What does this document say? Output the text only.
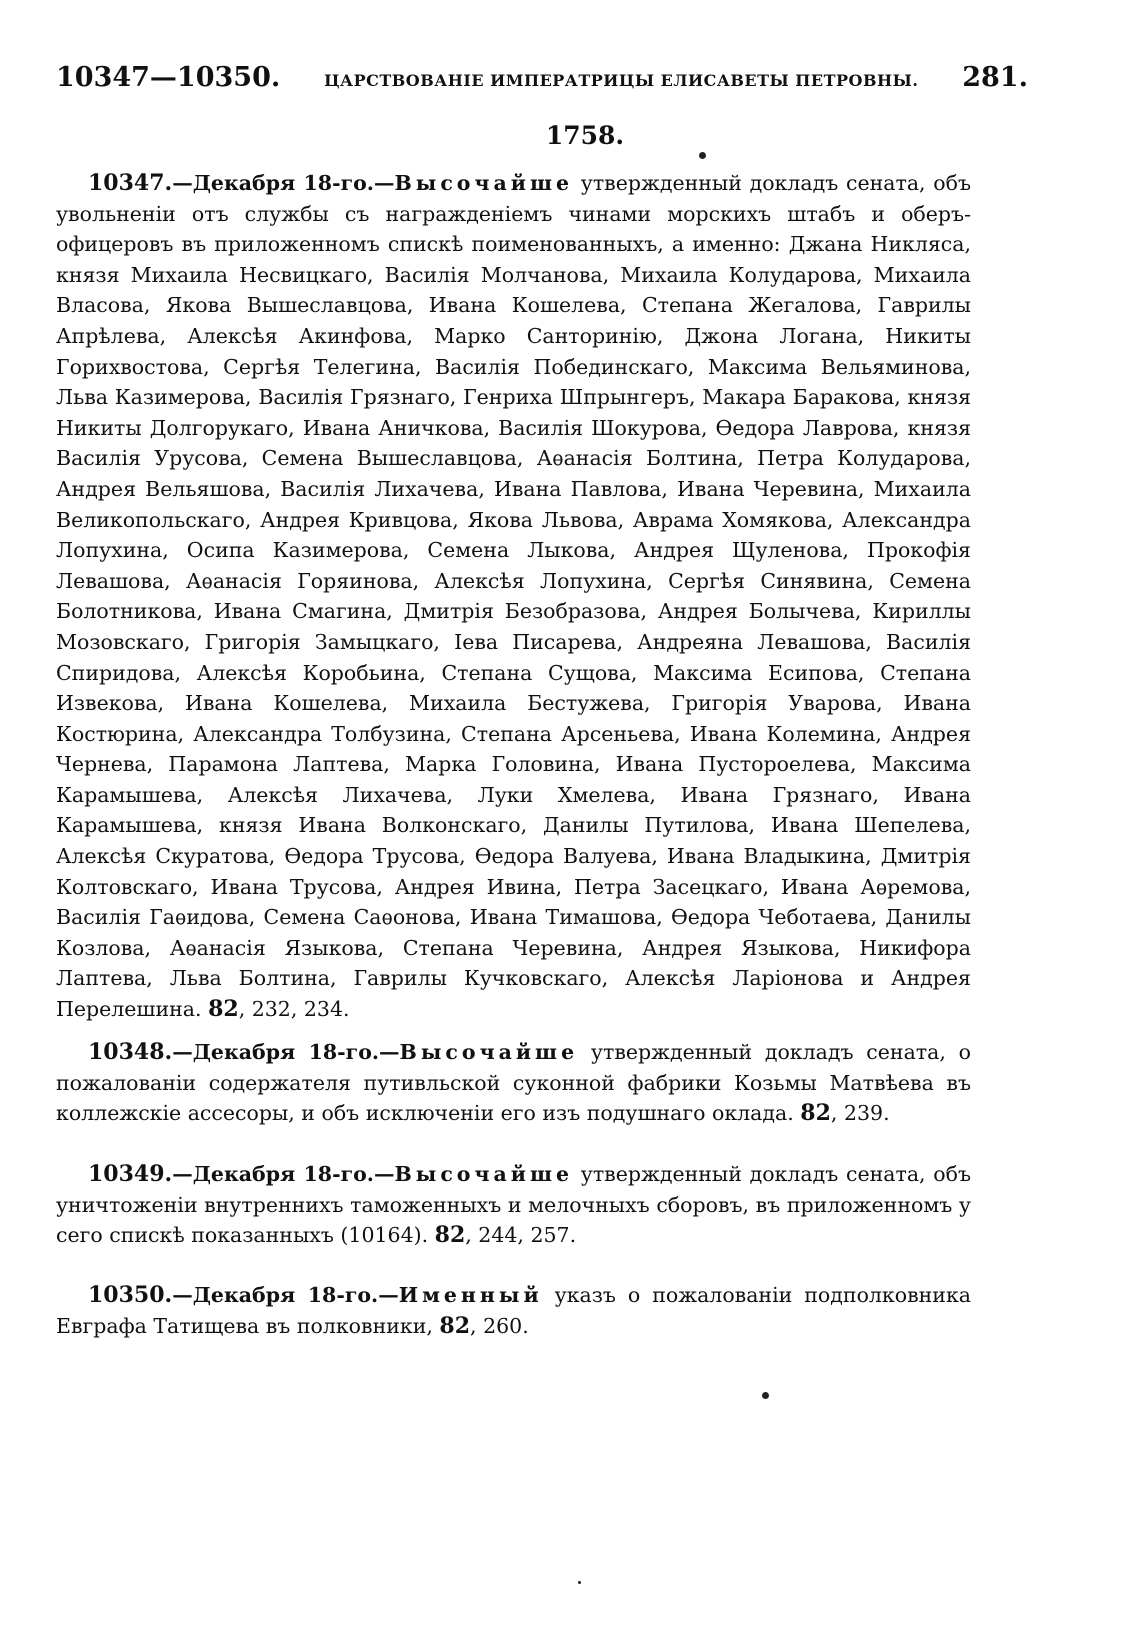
10347—10350.	ЦАРСТВОВАНІЕ ИМПЕРАТРИЦЫ ЕЛИСАВЕТЫ ПЕТРОВНЫ. 281.
1758.

10347.—Декабря 18-го.—Высочайше утвержденный докладъ сената, объ увольненіи отъ службы съ награжденіемъ чинами морскихъ штабъ и оберъ-офицеровъ въ приложенномъ спискѣ поименованныхъ, а именно: Джана Никляса, князя Михаила Несвицкаго, Василія Молчанова, Михаила Колударова, Михаила Власова, Якова Вышеславцова, Ивана Кошелева, Степана Жегалова, Гаврилы Апрѣлева, Алексѣя Акинфова, Марко Санторинію, Джона Логана, Никиты Горихвостова, Сергѣя Телегина, Василія Побединскаго, Максима Вельяминова, Льва Казимерова, Василія Грязнаго, Генриха Шпрынгеръ, Макара Баракова, князя Никиты Долгорукаго, Ивана Аничкова, Василія Шокурова, Өедора Лаврова, князя Василія Урусова, Семена Вышеславцова, Аѳанасія Болтина, Петра Колударова, Андрея Вельяшова, Василія Лихачева, Ивана Павлова, Ивана Черевина, Михаила Великопольскаго, Андрея Кривцова, Якова Львова, Аврама Хомякова, Александра Лопухина, Осипа Казимерова, Семена Лыкова, Андрея Щуленова, Прокофія Левашова, Аѳанасія Горяинова, Алексѣя Лопухина, Сергѣя Синявина, Семена Болотникова, Ивана Смагина, Дмитрія Безобразова, Андрея Болычева, Кириллы Мозовскаго, Григорія Замыцкаго, Іева Писарева, Андреяна Левашова, Василія Спиридова, Алексѣя Коробьина, Степана Сущова, Максима Есипова, Степана Извекова, Ивана Кошелева, Михаила Бестужева, Григорія Уварова, Ивана Костюрина, Александра Толбузина, Степана Арсеньева, Ивана Колемина, Андрея Чернева, Парамона Лаптева, Марка Головина, Ивана Пустороелева, Максима Карамышева, Алексѣя Лихачева, Луки Хмелева, Ивана Грязнаго, Ивана Карамышева, князя Ивана Волконскаго, Данилы Путилова, Ивана Шепелева, Алексѣя Скуратова, Өедора Трусова, Өедора Валуева, Ивана Владыкина, Дмитрія Колтовскаго, Ивана Трусова, Андрея Ивина, Петра Засецкаго, Ивана Аѳремова, Василія Гаѳидова, Семена Саѳонова, Ивана Тимашова, Өедора Чеботаева, Данилы Козлова, Аѳанасія Языкова, Степана Черевина, Андрея Языкова, Никифора Лаптева, Льва Болтина, Гаврилы Кучковскаго, Алексѣя Ларіонова и Андрея Перелешина. 82, 232, 234.

10348.—Декабря 18-го.—Высочайше утвержденный докладъ сената, о пожалованіи содержателя путивльской суконной фабрики Козьмы Матвѣева въ коллежскіе ассесоры, и объ исключеніи его изъ подушнаго оклада. 82, 239.

10349.—Декабря 18-го.—Высочайше утвержденный докладъ сената, объ уничтоженіи внутреннихъ таможенныхъ и мелочныхъ сборовъ, въ приложенномъ у сего спискѣ показанныхъ (10164). 82, 244, 257.

10350.—Декабря 18-го.—Именный указъ о пожалованіи подполковника Евграфа Татищева въ полковники, 82, 260.
